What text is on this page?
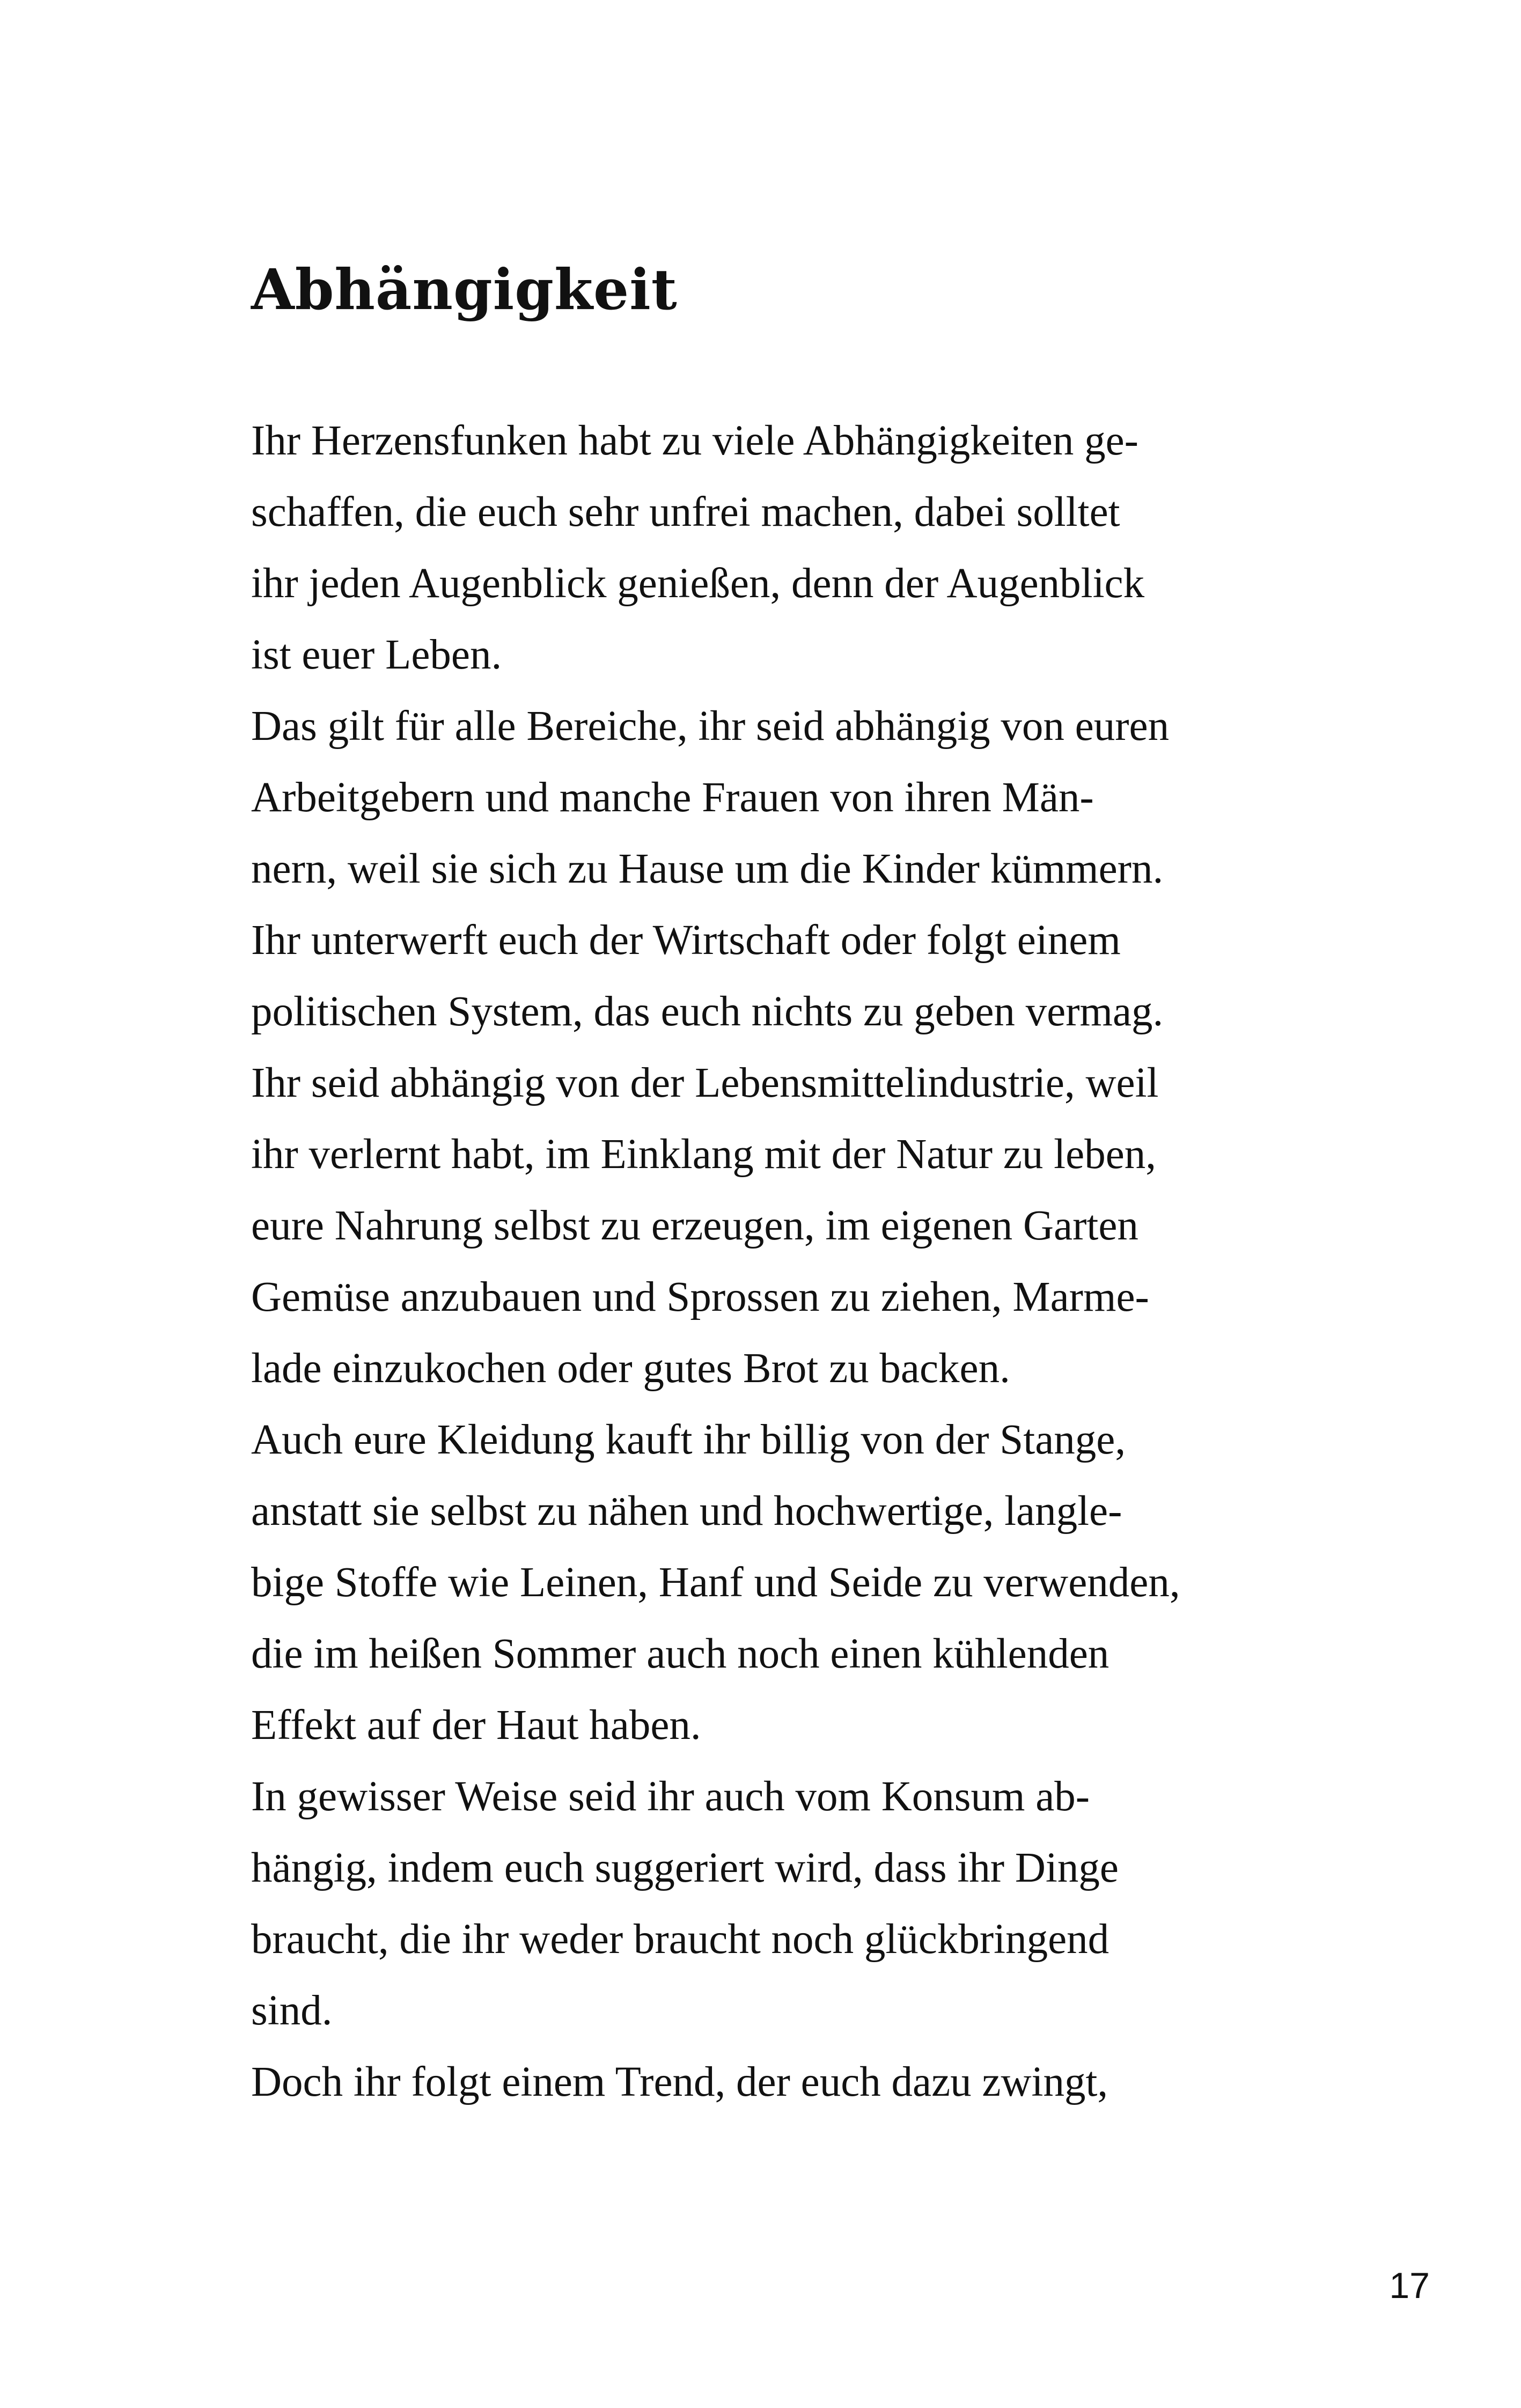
Abhängigkeit
Ihr Herzensfunken habt zu viele Abhängigkeiten ge-
schaffen, die euch sehr unfrei machen, dabei solltet
ihr jeden Augenblick genießen, denn der Augenblick
ist euer Leben.
Das gilt für alle Bereiche, ihr seid abhängig von euren
Arbeitgebern und manche Frauen von ihren Män-
nern, weil sie sich zu Hause um die Kinder kümmern.
Ihr unterwerft euch der Wirtschaft oder folgt einem
politischen System, das euch nichts zu geben vermag.
Ihr seid abhängig von der Lebensmittelindustrie, weil
ihr verlernt habt, im Einklang mit der Natur zu leben,
eure Nahrung selbst zu erzeugen, im eigenen Garten
Gemüse anzubauen und Sprossen zu ziehen, Marme-
lade einzukochen oder gutes Brot zu backen.
Auch eure Kleidung kauft ihr billig von der Stange,
anstatt sie selbst zu nähen und hochwertige, langle-
bige Stoffe wie Leinen, Hanf und Seide zu verwenden,
die im heißen Sommer auch noch einen kühlenden
Effekt auf der Haut haben.
In gewisser Weise seid ihr auch vom Konsum ab-
hängig, indem euch suggeriert wird, dass ihr Dinge
braucht, die ihr weder braucht noch glückbringend
sind.
Doch ihr folgt einem Trend, der euch dazu zwingt,
17
